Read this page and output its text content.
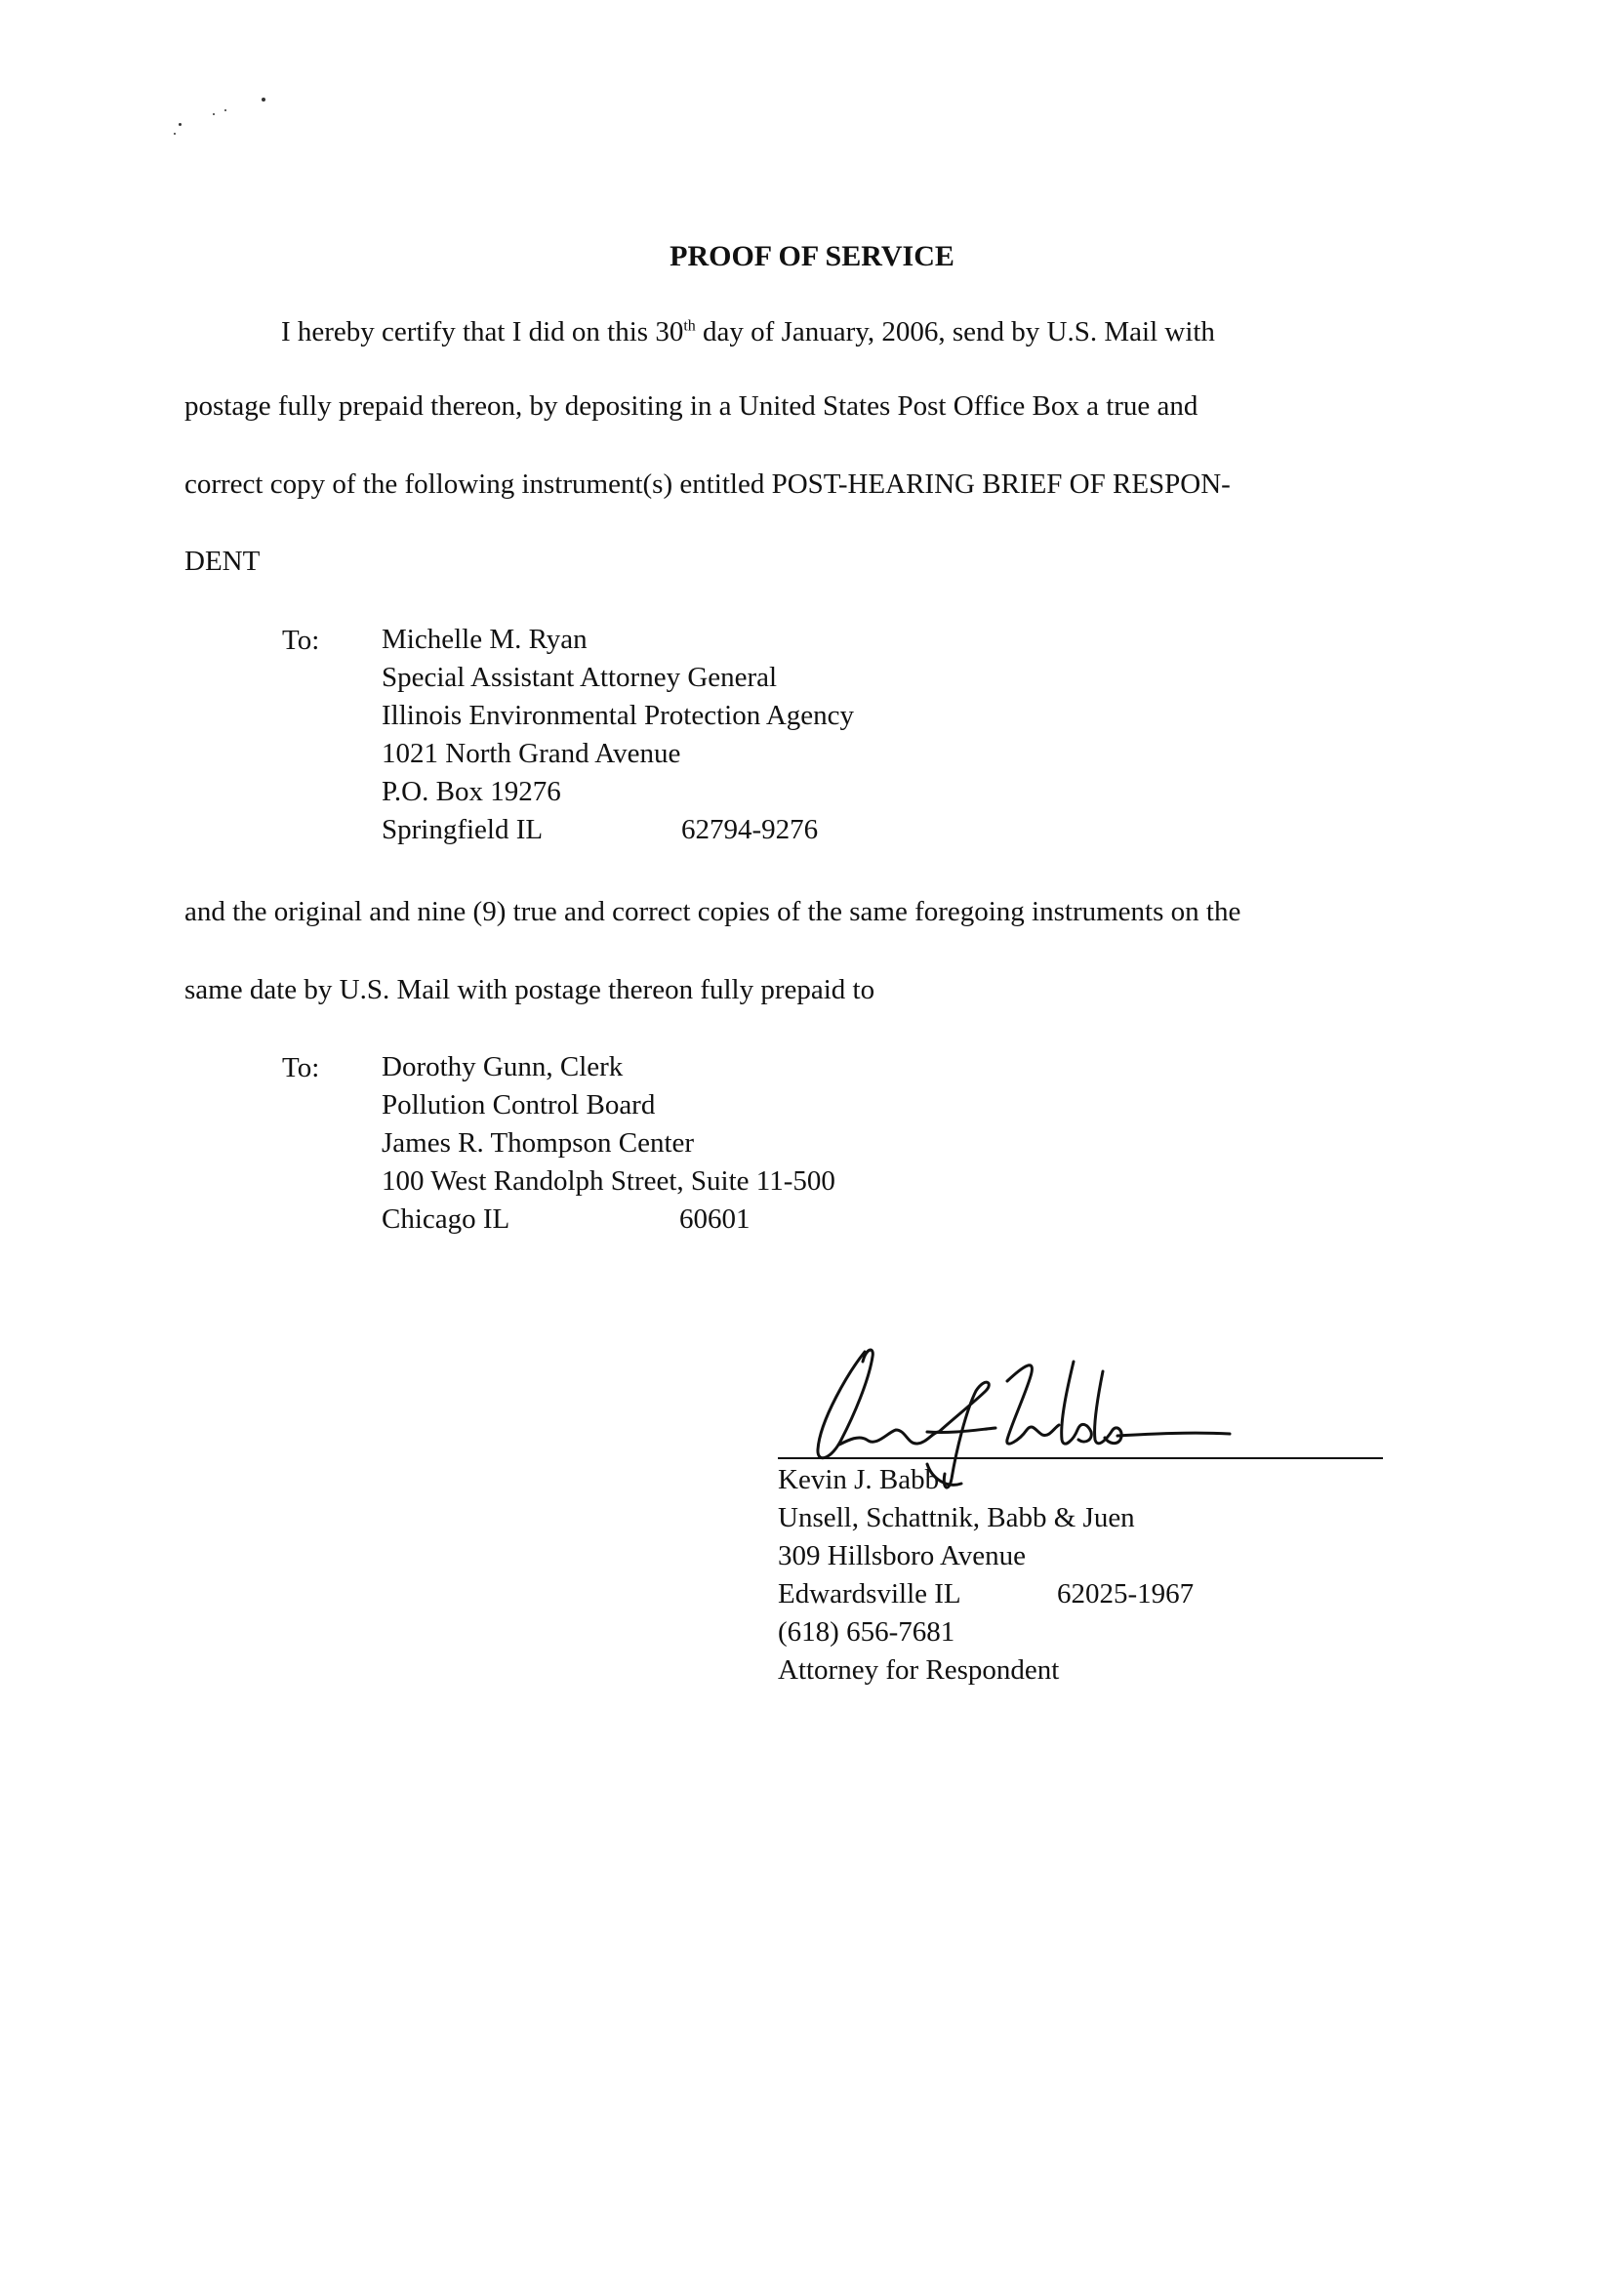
PROOF OF SERVICE
I hereby certify that I did on this 30th day of January, 2006, send by U.S. Mail with
postage fully prepaid thereon, by depositing in a United States Post Office Box a true and
correct copy of the following instrument(s) entitled POST-HEARING BRIEF OF RESPON-
DENT
To: Michelle M. Ryan
Special Assistant Attorney General
Illinois Environmental Protection Agency
1021 North Grand Avenue
P.O. Box 19276
Springfield IL	62794-9276
and the original and nine (9) true and correct copies of the same foregoing instruments on the
same date by U.S. Mail with postage thereon fully prepaid to
To: Dorothy Gunn, Clerk
Pollution Control Board
James R. Thompson Center
100 West Randolph Street, Suite 11-500
Chicago IL	60601
Kevin J. Babb
Unsell, Schattnik, Babb & Juen
309 Hillsboro Avenue
Edwardsville IL	62025-1967
(618) 656-7681
Attorney for Respondent
